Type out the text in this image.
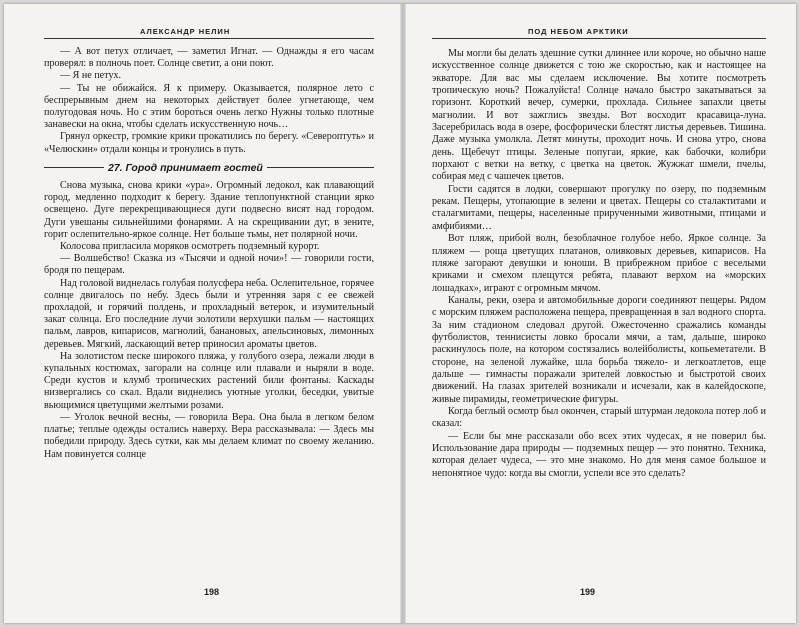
АЛЕКСАНДР НЕЛИН

— А вот петух отличает, — заметил Игнат. — Однажды я его часам проверял: в полночь поет. Солнце светит, а они поют.

— Я не петух.

— Ты не обижайся. Я к примеру. Оказывается, полярное лето с беспрерывным днем на некоторых действует более угнетающе, чем полугодовая ночь. Но с этим бороться очень легко Нужны только плотные занавески на окна, чтобы сделать искусственную ночь…

Грянул оркестр, громкие крики прокатились по берегу. «Североптуть» и «Челюскин» отдали концы и тронулись в путь.

27. Город принимает гостей

Снова музыка, снова крики «ура». Огромный ледокол, как плавающий город, медленно подходит к берегу. Здание теплопунктной станции ярко освещено. Дуге перекрещивающиеся дуги подвесно висят над городом. Дуги увешаны сильнейшими фонарями. А на скрещивании дуг, в зените, горит ослепительно-яркое солнце. Нет больше тьмы, нет полярной ночи.

Колосова пригласила моряков осмотреть подземный курорт.

— Волшебство! Сказка из «Тысячи и одной ночи»! — говорили гости, бродя по пещерам.

Над головой виднелась голубая полусфера неба. Ослепительное, горячее солнце двигалось по небу. Здесь были и утренняя заря с ее свежей прохладой, и горячий полдень, и прохладный ветерок, и изумительный закат солнца. Его последние лучи золотили верхушки пальм — настоящих пальм, лавров, кипарисов, магнолий, банановых, апельсиновых, лимонных деревьев. Мягкий, ласкающий ветер приносил ароматы цветов.

На золотистом песке широкого пляжа, у голубого озера, лежали люди в купальных костюмах, загорали на солнце или плавали и ныряли в воде. Среди кустов и клумб тропических растений били фонтаны. Каскады низвергались со скал. Вдали виднелись уютные уголки, беседки, увитые вьющимися цветущими желтыми розами.

— Уголок вечной весны, — говорила Вера. Она была в легком белом платье; теплые одежды остались наверху. Вера рассказывала: — Здесь мы победили природу. Здесь сутки, как мы делаем климат по своему желанию. Нам повинуется солнце

198
ПОД НЕБОМ АРКТИКИ

Мы могли бы делать здешние сутки длиннее или короче, но обычно наше искусственное солнце движется с тою же скоростью, как и настоящее на экваторе. Для вас мы сделаем исключение. Вы хотите посмотреть тропическую ночь? Пожалуйста! Солнце начало быстро закатываться за горизонт. Короткий вечер, сумерки, прохлада. Сильнее запахли цветы магнолии. И вот зажглись звезды. Вот восходит красавица-луна. Засеребрилась вода в озере, фосфорически блестят листья деревьев. Тишина. Даже музыка умолкла. Летят минуты, проходит ночь. И снова утро, снова день. Щебечут птицы. Зеленые попугаи, яркие, как бабочки, колибри порхают с ветки на ветку, с цветка на цветок. Жужжат шмели, пчелы, собирая мед с чашечек цветов.

Гости садятся в лодки, совершают прогулку по озеру, по подземным рекам. Пещеры, утопающие в зелени и цветах. Пещеры со сталактитами и сталагмитами, пещеры, населенные прирученными животными, птицами и амфибиями…

Вот пляж, прибой волн, безоблачное голубое небо. Яркое солнце. За пляжем — роща цветущих платанов, оливковых деревьев, кипарисов. На пляже загорают девушки и юноши. В прибрежном прибое с веселыми криками и смехом плещутся ребята, плавают верхом на «морских лошадках», играют с огромным мячом.

Каналы, реки, озера и автомобильные дороги соединяют пещеры. Рядом с морским пляжем расположена пещера, превращенная в зал водного спорта. За ним стадионом следовал другой. Ожесточенно сражались команды футболистов, теннисисты ловко бросали мячи, а там, дальше, широко раскинулось поле, на котором состязались волейболисты, копьеметатели. В стороне, на зеленой лужайке, шла борьба тяжело- и легкоатлетов, еще дальше — гимнасты поражали зрителей ловкостью и быстротой своих движений. На глазах зрителей возникали и исчезали, как в калейдоскопе, живые пирамиды, геометрические фигуры.

Когда беглый осмотр был окончен, старый штурман ледокола потер лоб и сказал:

— Если бы мне рассказали обо всех этих чудесах, я не поверил бы. Использование дара природы — подземных пещер — это понятно. Техника, которая делает чудеса, — это мне знакомо. Но для меня самое большое и непонятное чудо: когда вы смогли, успели все это сделать?

199
